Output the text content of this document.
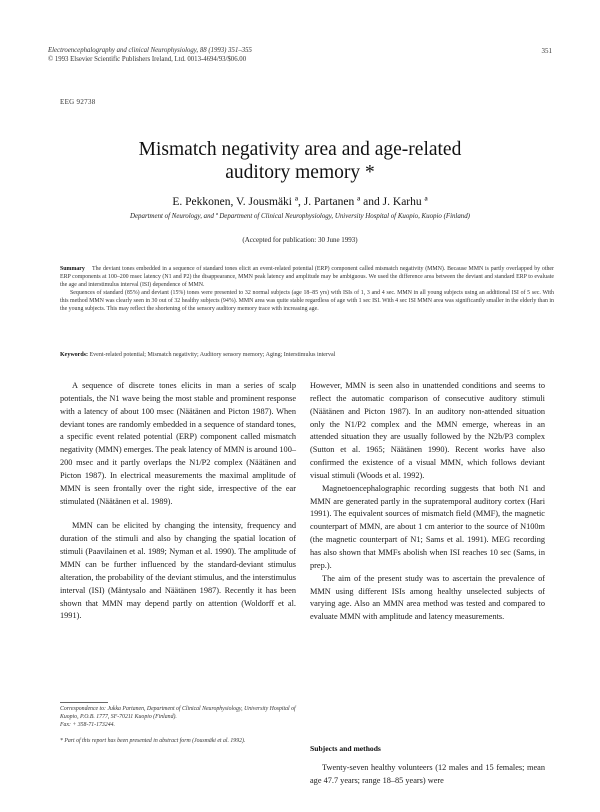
Electroencephalography and clinical Neurophysiology, 88 (1993) 351–355
© 1993 Elsevier Scientific Publishers Ireland, Ltd. 0013-4694/93/$06.00
351
EEG 92738
Mismatch negativity area and age-related
auditory memory *
E. Pekkonen, V. Jousmäki ª, J. Partanen ª and J. Karhu ª
Department of Neurology, and ª Department of Clinical Neurophysiology, University Hospital of Kuopio, Kuopio (Finland)
(Accepted for publication: 30 June 1993)

Summary The deviant tones embedded in a sequence of standard tones elicit an event-related potential (ERP) component called mismatch negativity (MMN). Because MMN is partly overlapped by other ERP components at 100–200 msec latency (N1 and P2) the disappearance, MMN peak latency and amplitude may be ambiguous. We used the difference area between the deviant and standard ERP to evaluate the age and interstimulus interval (ISI) dependence of MMN.

Sequences of standard (85%) and deviant (15%) tones were presented to 32 normal subjects (age 18–85 yrs) with ISIs of 1, 3 and 4 sec. MMN in all young subjects using an additional ISI of 5 sec. With this method MMN was clearly seen in 30 out of 32 healthy subjects (94%). MMN area was quite stable regardless of age with 1 sec ISI. With 4 sec ISI MMN area was significantly smaller in the elderly than in the young subjects. This may reflect the shortening of the sensory auditory memory trace with increasing age.

Keywords: Event-related potential; Mismatch negativity; Auditory sensory memory; Aging; Interstimulus interval

A sequence of discrete tones elicits in man a series of scalp potentials, the N1 wave being the most stable and prominent response with a latency of about 100 msec (Näätänen and Picton 1987). When deviant tones are randomly embedded in a sequence of standard tones, a specific event related potential (ERP) component called mismatch negativity (MMN) emerges. The peak latency of MMN is around 100–200 msec and it partly overlaps the N1/P2 complex (Näätänen and Picton 1987). In electrical measurements the maximal amplitude of MMN is seen frontally over the right side, irrespective of the ear stimulated (Näätänen et al. 1989).

MMN can be elicited by changing the intensity, frequency and duration of the stimuli and also by changing the spatial location of stimuli (Paavilainen et al. 1989; Nyman et al. 1990). The amplitude of MMN can be further influenced by the standard-deviant stimulus alteration, the probability of the deviant stimulus, and the interstimulus interval (ISI) (Mäntysalo and Näätänen 1987). Recently it has been shown that MMN may depend partly on attention (Woldorff et al. 1991).

Correspondence to: Jukka Partanen, Department of Clinical Neurophysiology, University Hospital of Kuopio, P.O.B. 1777, SF-70211 Kuopio (Finland).

Fax: + 358-71-173244.

* Part of this report has been presented in abstract form (Jousmäki et al. 1992).

However, MMN is seen also in unattended conditions and seems to reflect the automatic comparison of consecutive auditory stimuli (Näätänen and Picton 1987). In an auditory non-attended situation only the N1/P2 complex and the MMN emerge, whereas in an attended situation they are usually followed by the N2b/P3 complex (Sutton et al. 1965; Näätänen 1990). Recent works have also confirmed the existence of a visual MMN, which follows deviant visual stimuli (Woods et al. 1992).

Magnetoencephalographic recording suggests that both N1 and MMN are generated partly in the supratemporal auditory cortex (Hari 1991). The equivalent sources of mismatch field (MMF), the magnetic counterpart of MMN, are about 1 cm anterior to the source of N100m (the magnetic counterpart of N1; Sams et al. 1991). MEG recording has also shown that MMFs abolish when ISI reaches 10 sec (Sams, in prep.).

The aim of the present study was to ascertain the prevalence of MMN using different ISIs among healthy unselected subjects of varying age. Also an MMN area method was tested and compared to evaluate MMN with amplitude and latency measurements.

Subjects and methods

Twenty-seven healthy volunteers (12 males and 15 females; mean age 47.7 years; range 18–85 years) were
